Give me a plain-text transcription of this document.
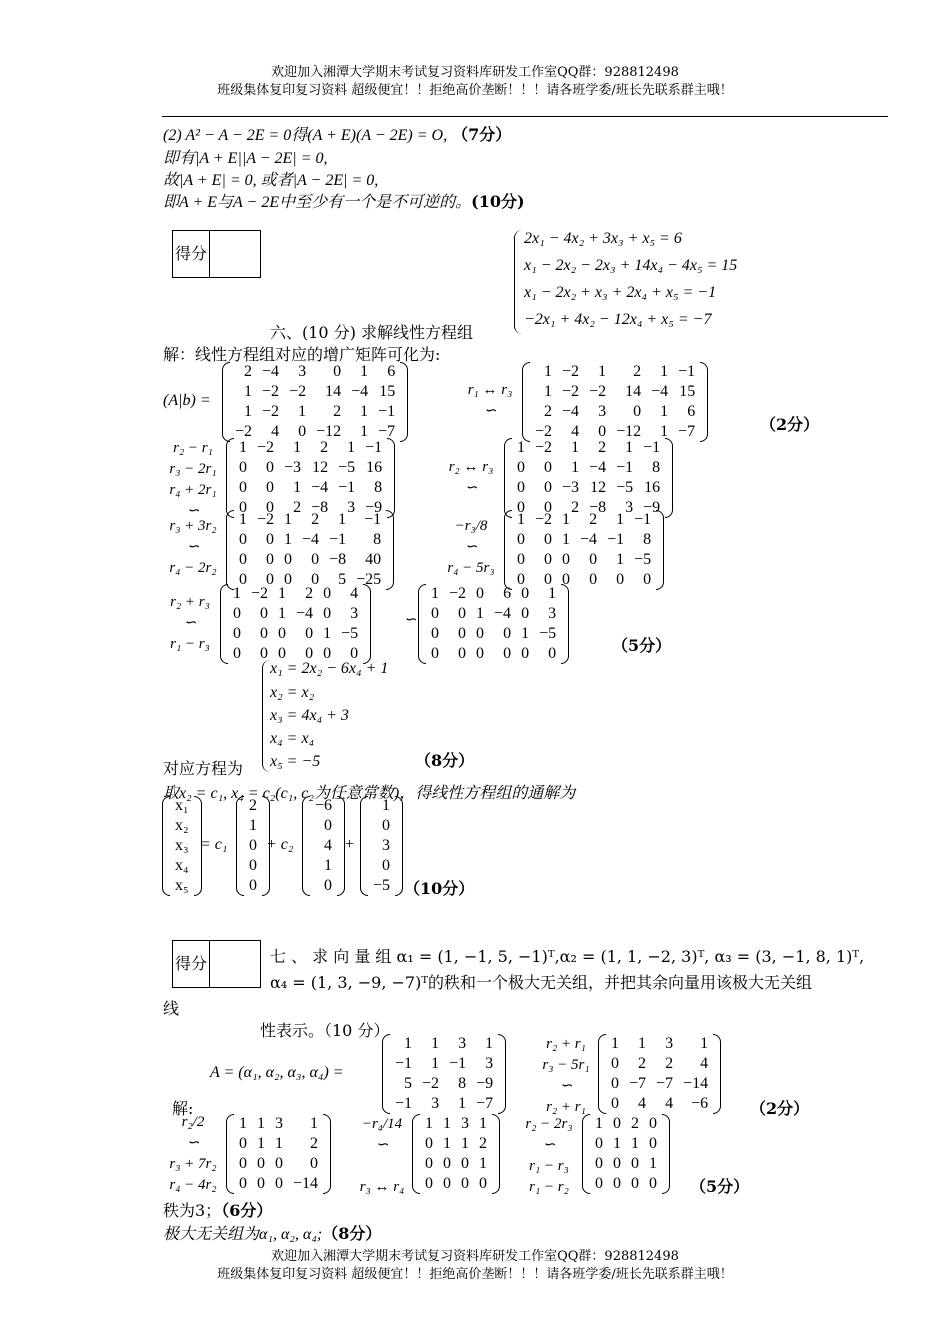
欢迎加入湘潭大学期末考试复习资料库研发工作室QQ群：928812498
班级集体复印复习资料 超级便宜！！拒绝高价垄断！！！请各班学委/班长先联系群主哦！
(2) A² − A − 2E = 0得(A + E)(A − 2E) = O, （7分）
即有|A + E||A − 2E| = 0,
故|A + E| = 0, 或者|A − 2E| = 0,
即A + E与A − 2E中至少有一个是不可逆的。(10分)
得分	
2x₁ − 4x₂ + 3x₃ + x₅ = 6
x₁ − 2x₂ − 2x₃ + 14x₄ − 4x₅ = 15
x₁ − 2x₂ + x₃ + 2x₄ + x₅ = −1
−2x₁ + 4x₂ − 12x₄ + x₅ = −7
六、(10 分) 求解线性方程组
解：线性方程组对应的增广矩阵可化为:
(A|b) =
2	−4	3	0	1	6
1	−2	−2	14	−4	15
1	−2	1	2	1	−1
−2	4	0	−12	1	−7
r₁ ↔ r₃
∽
1	−2	1	2	1	−1
1	−2	−2	14	−4	15
2	−4	3	0	1	6
−2	4	0	−12	1	−7	（2分）
r₂ − r₁
r₃ − 2r₁
r₄ + 2r₁
∽
1	−2	1	2	1	−1
0	0	−3	12	−5	16
0	0	1	−4	−1	8
0	0	2	−8	3	−9
r₂ ↔ r₃
∽
1	−2	1	2	1	−1
0	0	1	−4	−1	8
0	0	−3	12	−5	16
0	0	2	−8	3	−9
r₃ + 3r₂
∽
r₄ − 2r₂
1	−2	1	2	1	−1
0	0	1	−4	−1	8
0	0	0	0	−8	40
0	0	0	0	5	−25
−r₃/8
∽
r₄ − 5r₃
1	−2	1	2	1	−1
0	0	1	−4	−1	8
0	0	0	0	1	−5
0	0	0	0	0	0
r₂ + r₃
∽
r₁ − r₃
1	−2	1	2	0	4
0	0	1	−4	0	3
0	0	0	0	1	−5
0	0	0	0	0	0
∽
1	−2	0	6	0	1
0	0	1	−4	0	3
0	0	0	0	1	−5
0	0	0	0	0	0	（5分）
x₁ = 2x₂ − 6x₄ + 1
x₂ = x₂
x₃ = 4x₄ + 3
x₄ = x₄
x₅ = −5
对应方程为	（8分）
取x₂ = c₁, x₄ = c₂(c₁, c₂为任意常数)，得线性方程组的通解为
x₁
x₂
x₃
x₄
x₅
= c₁
2
1
0
0
0
+ c₂
−6
0
4
1
0
+
1
0
3
0
−5 （10分）
得分		七 、 求 向 量 组 α₁ = (1, −1, 5, −1)ᵀ,α₂ = (1, 1, −2, 3)ᵀ, α₃ = (3, −1, 8, 1)ᵀ,
α₄ = (1, 3, −9, −7)ᵀ的秩和一个极大无关组，并把其余向量用该极大无关组
线
性表示。（10 分）
A = (α₁, α₂, α₃, α₄) =
1	1	3	1
−1	1	−1	3
5	−2	8	−9
−1	3	1	−7
r₂ + r₁
r₃ − 5r₁
∽
r₂ + r₁
1	1	3	1
0	2	2	4
0	−7	−7	−14
0	4	4	−6
解:	（2分）
r₂/2
∽
r₃ + 7r₂
r₄ − 4r₂
1	1	3	1
0	1	1	2
0	0	0	0
0	0	0	−14
−r₄/14
∽

r₃ ↔ r₄
1	1	3	1
0	1	1	2
0	0	0	1
0	0	0	0
r₂ − 2r₃
∽
r₁ − r₃
r₁ − r₂
1	0	2	0
0	1	1	0
0	0	0	1
0	0	0	0 （5分）
秩为3；（6分）
极大无关组为α₁, α₂, α₄;（8分）
欢迎加入湘潭大学期末考试复习资料库研发工作室QQ群：928812498
班级集体复印复习资料 超级便宜！！拒绝高价垄断！！！请各班学委/班长先联系群主哦！
